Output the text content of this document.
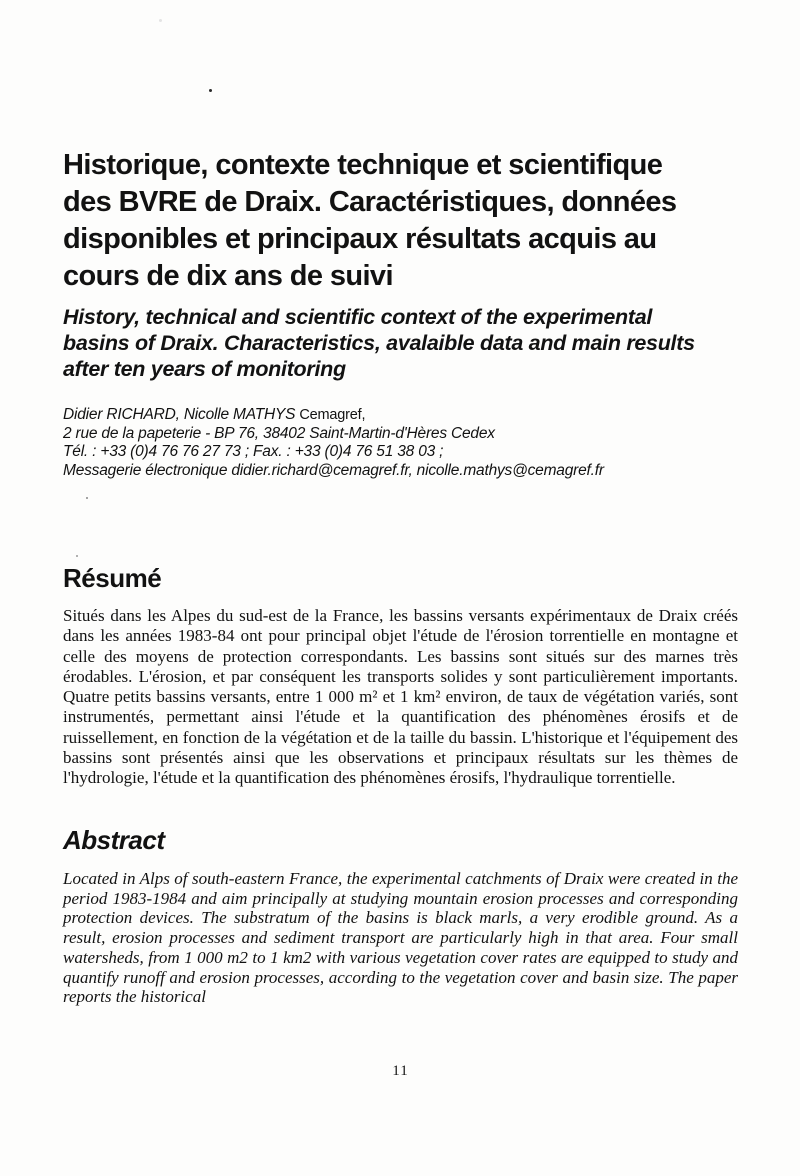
Historique, contexte technique et scientifique
des BVRE de Draix. Caractéristiques, données
disponibles et principaux résultats acquis au
cours de dix ans de suivi
History, technical and scientific context of the experimental
basins of Draix. Characteristics, avalaible data and main results
after ten years of monitoring

Didier RICHARD, Nicolle MATHYS Cemagref,

2 rue de la papeterie - BP 76, 38402 Saint-Martin-d'Hères Cedex

Tél. : +33 (0)4 76 76 27 73 ; Fax. : +33 (0)4 76 51 38 03 ;

Messagerie électronique didier.richard@cemagref.fr, nicolle.mathys@cemagref.fr

Résumé

Situés dans les Alpes du sud-est de la France, les bassins versants expérimentaux de Draix créés dans les années 1983-84 ont pour principal objet l'étude de l'érosion torrentielle en montagne et celle des moyens de protection correspondants. Les bassins sont situés sur des marnes très érodables. L'érosion, et par conséquent les transports solides y sont particulièrement importants. Quatre petits bassins versants, entre 1 000 m² et 1 km² environ, de taux de végétation variés, sont instrumentés, permettant ainsi l'étude et la quantification des phénomènes érosifs et de ruissellement, en fonction de la végétation et de la taille du bassin. L'historique et l'équipement des bassins sont présentés ainsi que les observations et principaux résultats sur les thèmes de l'hydrologie, l'étude et la quantification des phénomènes érosifs, l'hydraulique torrentielle.

Abstract

Located in Alps of south-eastern France, the experimental catchments of Draix were created in the period 1983-1984 and aim principally at studying mountain erosion processes and corresponding protection devices. The substratum of the basins is black marls, a very erodible ground. As a result, erosion processes and sediment transport are particularly high in that area. Four small watersheds, from 1 000 m2 to 1 km2 with various vegetation cover rates are equipped to study and quantify runoff and erosion processes, according to the vegetation cover and basin size. The paper reports the historical

11
